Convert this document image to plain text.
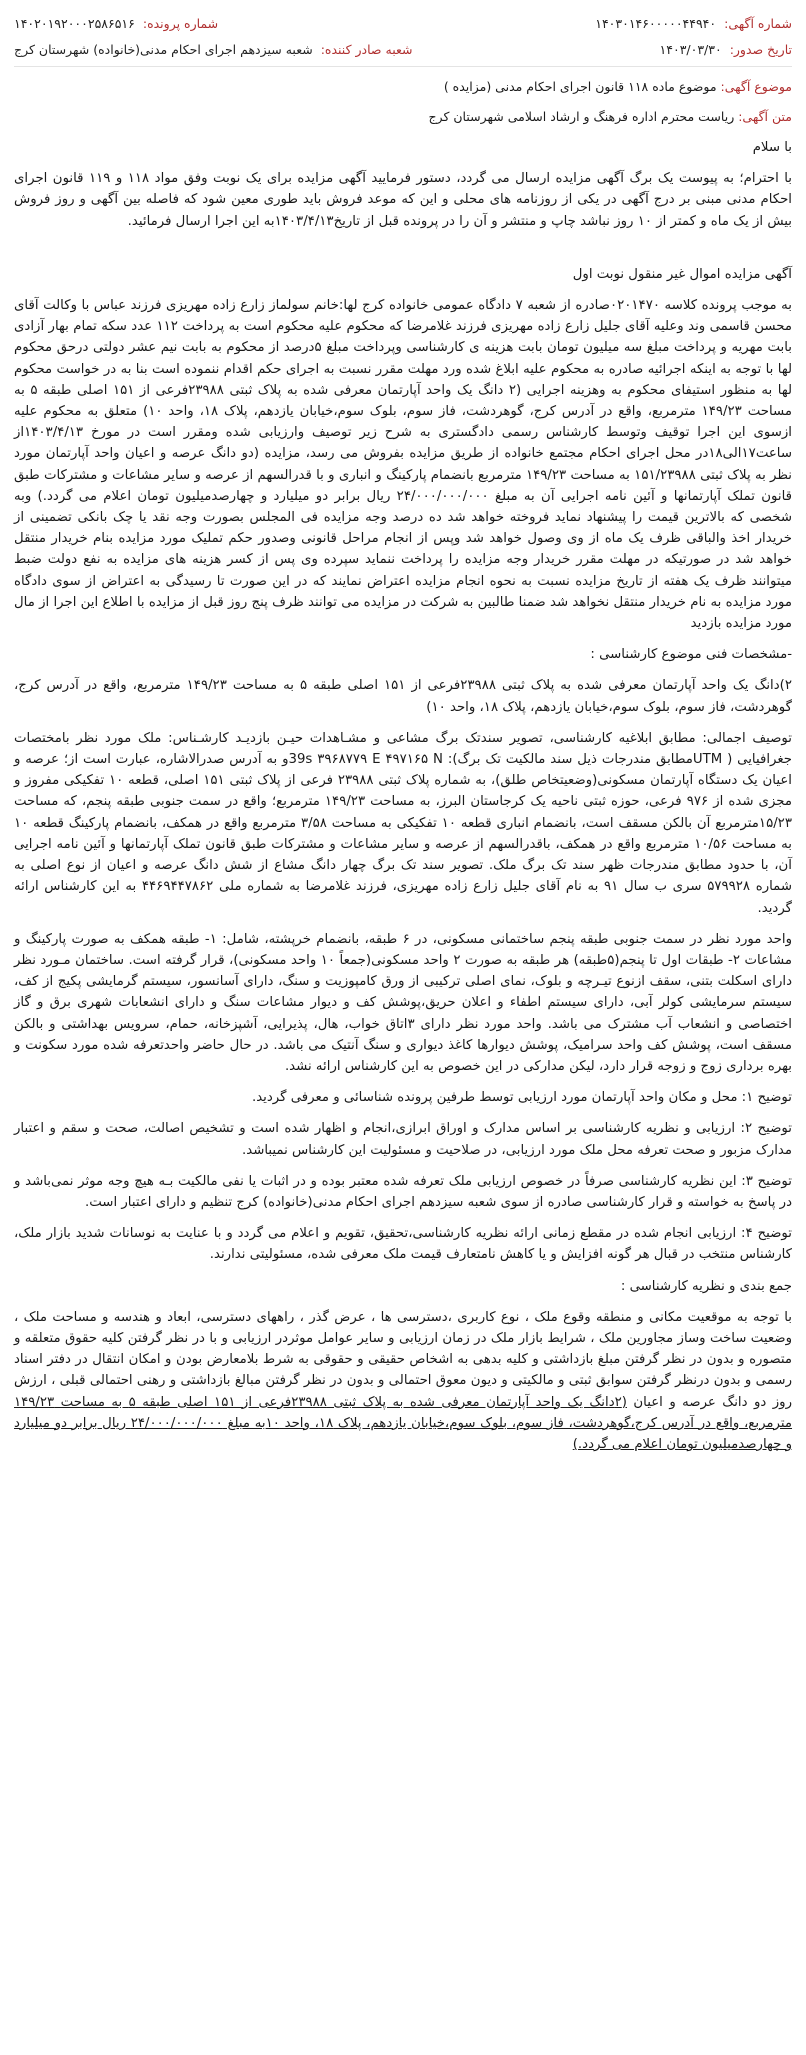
شماره آگهی:
۱۴۰۳۰۱۴۶۰۰۰۰۰۴۴۹۴۰
شماره پرونده:
۱۴۰۲۰۱۹۲۰۰۰۲۵۸۶۵۱۶
تاریخ صدور:
۱۴۰۳/۰۳/۳۰
شعبه صادر کننده:
شعبه سیزدهم اجرای احکام مدنی(خانواده) شهرستان کرج
موضوع آگهی: موضوع ماده ۱۱۸ قانون اجرای احکام مدنی (مزایده )
متن آگهی: ریاست محترم اداره فرهنگ و ارشاد اسلامی شهرستان کرج

با سلام

با احترام؛ به پیوست یک برگ آگهی مزایده ارسال می گردد، دستور فرمایید آگهی مزایده برای یک نوبت وفق مواد ۱۱۸ و ۱۱۹ قانون اجرای احکام مدنی مبنی بر درج آگهی در یکی از روزنامه های محلی و این که موعد فروش باید طوری معین شود که فاصله بین آگهی و روز فروش بیش از یک ماه و کمتر از ۱۰ روز نباشد چاپ و منتشر و آن را در پرونده قبل از تاریخ۱۴۰۳/۴/۱۳به این اجرا ارسال فرمائید.

آگهی مزایده اموال غیر منقول نوبت اول

به موجب پرونده کلاسه ۰۲۰۱۴۷۰صادره از شعبه ۷ دادگاه عمومی خانواده کرج لها:خانم سولماز زارع زاده مهریزی فرزند عباس با وکالت آقای محسن قاسمی وند وعلیه آقای جلیل زارع زاده مهریزی فرزند غلامرضا که محکوم علیه محکوم است به پرداخت ۱۱۲ عدد سکه تمام بهار آزادی بابت مهریه و پرداخت مبلغ سه میلیون تومان بابت هزینه ی کارشناسی وپرداخت مبلغ ۵درصد از محکوم به بابت نیم عشر دولتی درحق محکوم لها با توجه به اینکه اجرائیه صادره به محکوم علیه ابلاغ شده ورد مهلت مقرر نسبت به اجرای حکم اقدام ننموده است بنا به در خواست محکوم لها به منظور استیفای محکوم به وهزینه اجرایی (۲ دانگ یک واحد آپارتمان معرفی شده به پلاک ثبتی ۲۳۹۸۸فرعی از ۱۵۱ اصلی طبقه ۵ به مساحت ۱۴۹/۲۳ مترمربع، واقع در آدرس کرج، گوهردشت، فاز سوم، بلوک سوم،خیابان یازدهم، پلاک ۱۸، واحد ۱۰) متعلق به محکوم علیه ازسوی این اجرا توقیف وتوسط کارشناس رسمی دادگستری به شرح زیر توصیف وارزیابی شده ومقرر است در مورخ ۱۴۰۳/۴/۱۳از ساعت۱۷الی۱۸در محل اجرای احکام مجتمع خانواده از طریق مزایده بفروش می رسد، مزایده (دو دانگ عرصه و اعیان واحد آپارتمان مورد نظر به پلاک ثبتی ۱۵۱/۲۳۹۸۸ به مساحت ۱۴۹/۲۳ مترمربع بانضمام پارکینگ و انباری و با قدرالسهم از عرصه و سایر مشاعات و مشترکات طبق قانون تملک آپارتمانها و آئین نامه اجرایی آن به مبلغ ۲۴/۰۰۰/۰۰۰/۰۰۰ ریال برابر دو میلیارد و چهارصدمیلیون تومان اعلام می گردد.) وبه شخصی که بالاترین قیمت را پیشنهاد نماید فروخته خواهد شد ده درصد وجه مزایده فی المجلس بصورت وجه نقد یا چک بانکی تضمینی از خریدار اخذ والباقی ظرف یک ماه از وی وصول خواهد شد وپس از انجام مراحل قانونی وصدور حکم تملیک مورد مزایده بنام خریدار منتقل خواهد شد در صورتیکه در مهلت مقرر خریدار وجه مزایده را پرداخت ننماید سپرده وی پس از کسر هزینه های مزایده به نفع دولت ضبط میتوانند ظرف یک هفته از تاریخ مزایده نسبت به نحوه انجام مزایده اعتراض نمایند که در این صورت تا رسیدگی به اعتراض از سوی دادگاه مورد مزایده به نام خریدار منتقل نخواهد شد ضمنا طالبین به شرکت در مزایده می توانند ظرف پنج روز قبل از مزایده با اطلاع این اجرا از مال مورد مزایده بازدید

-مشخصات فنی موضوع کارشناسی :

۲)دانگ یک واحد آپارتمان معرفی شده به پلاک ثبتی ۲۳۹۸۸فرعی از ۱۵۱ اصلی طبقه ۵ به مساحت ۱۴۹/۲۳ مترمربع، واقع در آدرس کرج، گوهردشت، فاز سوم، بلوک سوم،خیابان یازدهم، پلاک ۱۸، واحد ۱۰)

توصیف اجمالی: مطابق ابلاغیه کارشناسی، تصویر سندتک برگ مشاعی و مشـاهدات حیـن بازدیـد کارشـناس: ملک مورد نظر بامختصات جغرافیایی ( UTMمطابق مندرجات ذیل سند مالکیت تک برگ): 39s ۳۹۶۸۷۷۹ E ۴۹۷۱۶۵ Nو به آدرس صدرالاشاره، عبارت است از؛ عرصه و اعیان یک دستگاه آپارتمان مسکونی(وضعیتخاص طلق)، به شماره پلاک ثبتی ۲۳۹۸۸ فرعی از پلاک ثبتی ۱۵۱ اصلی، قطعه ۱۰ تفکیکی مفروز و مجزی شده از ۹۷۶ فرعی، حوزه ثبتی ناحیه یک کرجاستان البرز، به مساحت ۱۴۹/۲۳ مترمربع؛ واقع در سمت جنوبی طبقه پنجم، که مساحت ۱۵/۲۳مترمربع آن بالکن مسقف است، بانضمام انباری قطعه ۱۰ تفکیکی به مساحت ۳/۵۸ مترمربع واقع در همکف، بانضمام پارکینگ قطعه ۱۰ به مساحت ۱۰/۵۶ مترمربع واقع در همکف، باقدرالسهم از عرصه و سایر مشاعات و مشترکات طبق قانون تملک آپارتمانها و آئین نامه اجرایی آن، با حدود مطابق مندرجات ظهر سند تک برگ ملک. تصویر سند تک برگ چهار دانگ مشاع از شش دانگ عرصه و اعیان از نوع اصلی به شماره ۵۷۹۹۲۸ سری ب سال ۹۱ به نام آقای جلیل زارع زاده مهریزی، فرزند غلامرضا به شماره ملی ۴۴۶۹۴۴۷۸۶۲ به این کارشناس ارائه گردید.

واحد مورد نظر در سمت جنوبی طبقه پنجم ساختمانی مسکونی، در ۶ طبقه، بانضمام خرپشته، شامل: ۱- طبقه همکف به صورت پارکینگ و مشاعات ۲- طبقات اول تا پنجم(۵طبقه) هر طبقه به صورت ۲ واحد مسکونی(جمعاً ۱۰ واحد مسکونی)، قرار گرفته است. ساختمان مـورد نظر دارای اسکلت بتنی، سقف ازنوع تیـرچه و بلوک، نمای اصلی ترکیبی از ورق کامپوزیت و سنگ، دارای آسانسور، سیستم گرمایشی پکیج از کف، سیستم سرمایشی کولر آبی، دارای سیستم اطفاء و اعلان حریق،پوشش کف و دیوار مشاعات سنگ و دارای انشعابات شهری برق و گاز اختصاصی و انشعاب آب مشترک می باشد. واحد مورد نظر دارای ۳اتاق خواب، هال، پذیرایی، آشپزخانه، حمام، سرویس بهداشتی و بالکن مسقف است، پوشش کف واحد سرامیک، پوشش دیوارها کاغذ دیواری و سنگ آنتیک می باشد. در حال حاضر واحدتعرفه شده مورد سکونت و بهره برداری زوج و زوجه قرار دارد، لیکن مدارکی در این خصوص به این کارشناس ارائه نشد.

توضیح ۱: محل و مکان واحد آپارتمان مورد ارزیابی توسط طرفین پرونده شناسائی و معرفی گردید.

توضیح ۲: ارزیابی و نظریه کارشناسی بر اساس مدارک و اوراق ابرازی،انجام و اظهار شده است و تشخیص اصالت، صحت و سقم و اعتبار مدارک مزبور و صحت تعرفه محل ملک مورد ارزیابی، در صلاحیت و مسئولیت این کارشناس نمیباشد.

توضیح ۳: این نظریه کارشناسی صرفاً در خصوص ارزیابی ملک تعرفه شده معتبر بوده و در اثبات یا نفی مالکیت بـه هیچ وجه موثر نمی‌باشد و در پاسخ به خواسته و قرار کارشناسی صادره از سوی شعبه سیزدهم اجرای احکام مدنی(خانواده) کرج تنظیم و دارای اعتبار است.

توضیح ۴: ارزیابی انجام شده در مقطع زمانی ارائه نظریه کارشناسی،تحقیق، تقویم و اعلام می گردد و با عنایت به نوسانات شدید بازار ملک، کارشناس منتخب در قبال هر گونه افزایش و یا کاهش نامتعارف قیمت ملک معرفی شده، مسئولیتی ندارند.

جمع بندی و نظریه کارشناسی :

با توجه به موقعیت مکانی و منطقه وقوع ملک ، نوع کاربری ،دسترسی ها ، عرض گذر ، راههای دسترسی، ابعاد و هندسه و مساحت ملک ، وضعیت ساخت وساز مجاورین ملک ، شرایط بازار ملک در زمان ارزیابی و سایر عوامل موثردر ارزیابی و با در نظر گرفتن کلیه حقوق متعلقه و متصوره و بدون در نظر گرفتن مبلغ بازداشتی و کلیه بدهی به اشخاص حقیقی و حقوقی به شرط بلامعارض بودن و امکان انتقال در دفتر اسناد رسمی و بدون درنظر گرفتن سوابق ثبتی و مالکیتی و دیون معوق احتمالی و بدون در نظر گرفتن مبالغ بازداشتی و رهنی احتمالی قبلی ، ارزش روز دو دانگ عرصه و اعیان (۲دانگ یک واحد آپارتمان معرفی شده به پلاک ثبتی ۲۳۹۸۸فرعی از ۱۵۱ اصلی طبقه ۵ به مساحت ۱۴۹/۲۳ مترمربع، واقع در آدرس کرج،گوهردشت، فاز سوم، بلوک سوم،خیابان یازدهم، پلاک ۱۸، واحد ۱۰به مبلغ ۲۴/۰۰۰/۰۰۰/۰۰۰ ریال برابر دو میلیارد و چهارصدمیلیون تومان اعلام می گردد.)
